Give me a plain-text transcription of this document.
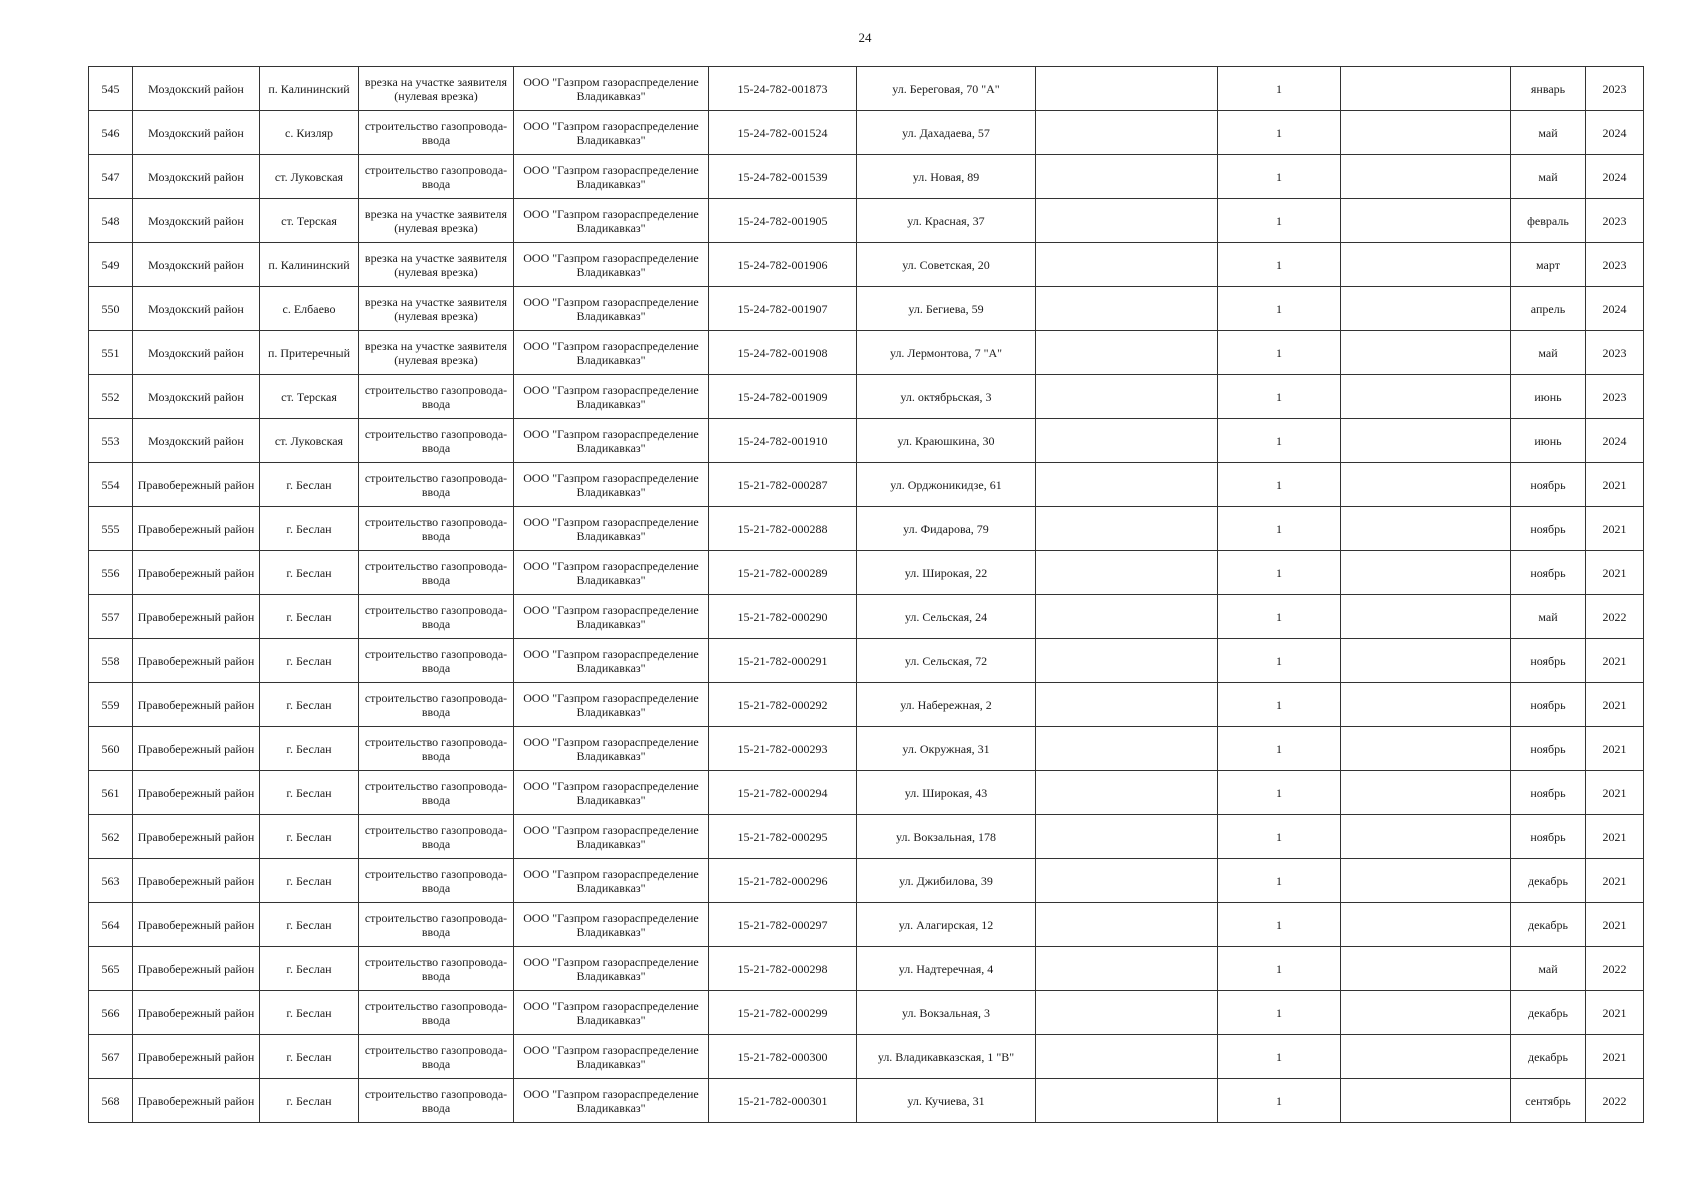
24
545	Моздокский район	п. Калининский	врезка на участке заявителя (нулевая врезка)	ООО "Газпром газораспределение Владикавказ"	15-24-782-001873	ул. Береговая, 70 "А"		1		январь	2023
546	Моздокский район	с. Кизляр	строительство газопровода-ввода	ООО "Газпром газораспределение Владикавказ"	15-24-782-001524	ул. Дахадаева, 57		1		май	2024
547	Моздокский район	ст. Луковская	строительство газопровода-ввода	ООО "Газпром газораспределение Владикавказ"	15-24-782-001539	ул. Новая, 89		1		май	2024
548	Моздокский район	ст. Терская	врезка на участке заявителя (нулевая врезка)	ООО "Газпром газораспределение Владикавказ"	15-24-782-001905	ул. Красная, 37		1		февраль	2023
549	Моздокский район	п. Калининский	врезка на участке заявителя (нулевая врезка)	ООО "Газпром газораспределение Владикавказ"	15-24-782-001906	ул. Советская, 20		1		март	2023
550	Моздокский район	с. Елбаево	врезка на участке заявителя (нулевая врезка)	ООО "Газпром газораспределение Владикавказ"	15-24-782-001907	ул. Бегиева, 59		1		апрель	2024
551	Моздокский район	п. Притеречный	врезка на участке заявителя (нулевая врезка)	ООО "Газпром газораспределение Владикавказ"	15-24-782-001908	ул. Лермонтова, 7 "А"		1		май	2023
552	Моздокский район	ст. Терская	строительство газопровода-ввода	ООО "Газпром газораспределение Владикавказ"	15-24-782-001909	ул. октябрьская, 3		1		июнь	2023
553	Моздокский район	ст. Луковская	строительство газопровода-ввода	ООО "Газпром газораспределение Владикавказ"	15-24-782-001910	ул. Краюшкина, 30		1		июнь	2024
554	Правобережный район	г. Беслан	строительство газопровода-ввода	ООО "Газпром газораспределение Владикавказ"	15-21-782-000287	ул. Орджоникидзе, 61		1		ноябрь	2021
555	Правобережный район	г. Беслан	строительство газопровода-ввода	ООО "Газпром газораспределение Владикавказ"	15-21-782-000288	ул. Фидарова, 79		1		ноябрь	2021
556	Правобережный район	г. Беслан	строительство газопровода-ввода	ООО "Газпром газораспределение Владикавказ"	15-21-782-000289	ул. Широкая, 22		1		ноябрь	2021
557	Правобережный район	г. Беслан	строительство газопровода-ввода	ООО "Газпром газораспределение Владикавказ"	15-21-782-000290	ул. Сельская, 24		1		май	2022
558	Правобережный район	г. Беслан	строительство газопровода-ввода	ООО "Газпром газораспределение Владикавказ"	15-21-782-000291	ул. Сельская, 72		1		ноябрь	2021
559	Правобережный район	г. Беслан	строительство газопровода-ввода	ООО "Газпром газораспределение Владикавказ"	15-21-782-000292	ул. Набережная, 2		1		ноябрь	2021
560	Правобережный район	г. Беслан	строительство газопровода-ввода	ООО "Газпром газораспределение Владикавказ"	15-21-782-000293	ул. Окружная, 31		1		ноябрь	2021
561	Правобережный район	г. Беслан	строительство газопровода-ввода	ООО "Газпром газораспределение Владикавказ"	15-21-782-000294	ул. Широкая, 43		1		ноябрь	2021
562	Правобережный район	г. Беслан	строительство газопровода-ввода	ООО "Газпром газораспределение Владикавказ"	15-21-782-000295	ул. Вокзальная, 178		1		ноябрь	2021
563	Правобережный район	г. Беслан	строительство газопровода-ввода	ООО "Газпром газораспределение Владикавказ"	15-21-782-000296	ул. Джибилова, 39		1		декабрь	2021
564	Правобережный район	г. Беслан	строительство газопровода-ввода	ООО "Газпром газораспределение Владикавказ"	15-21-782-000297	ул. Алагирская, 12		1		декабрь	2021
565	Правобережный район	г. Беслан	строительство газопровода-ввода	ООО "Газпром газораспределение Владикавказ"	15-21-782-000298	ул. Надтеречная, 4		1		май	2022
566	Правобережный район	г. Беслан	строительство газопровода-ввода	ООО "Газпром газораспределение Владикавказ"	15-21-782-000299	ул. Вокзальная, 3		1		декабрь	2021
567	Правобережный район	г. Беслан	строительство газопровода-ввода	ООО "Газпром газораспределение Владикавказ"	15-21-782-000300	ул. Владикавказская, 1 "В"		1		декабрь	2021
568	Правобережный район	г. Беслан	строительство газопровода-ввода	ООО "Газпром газораспределение Владикавказ"	15-21-782-000301	ул. Кучиева, 31		1		сентябрь	2022
